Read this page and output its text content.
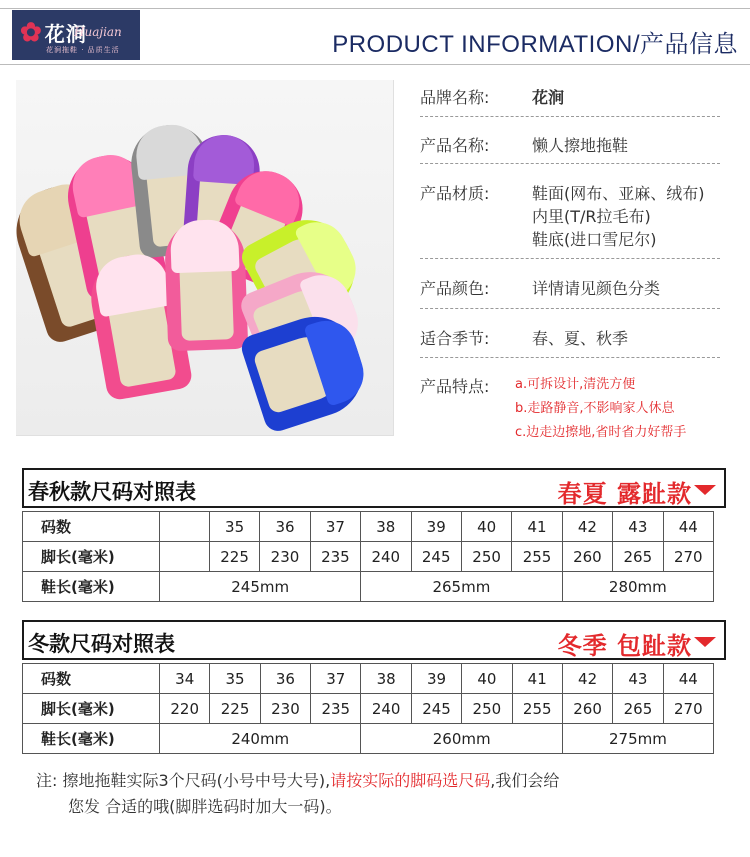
✿ 花涧
Huajian
花涧拖鞋 · 品质生活	PRODUCT INFORMATION/产品信息
品牌名称:	花涧
产品名称:	懒人擦地拖鞋
产品材质:	鞋面(网布、亚麻、绒布)
内里(T/R拉毛布)
鞋底(进口雪尼尔)
产品颜色:	详情请见颜色分类
适合季节:	春、夏、秋季
产品特点:	a.可拆设计,清洗方便
b.走路静音,不影响家人休息
c.边走边擦地,省时省力好帮手
春秋款尺码对照表	春夏 露趾款
码数		35	36	37	38	39	40	41	42	43	44
脚长(毫米)		225	230	235	240	245	250	255	260	265	270
鞋长(毫米)	245mm				265mm				280mm		
冬款尺码对照表	冬季 包趾款
码数	34	35	36	37	38	39	40	41	42	43	44
脚长(毫米)	220	225	230	235	240	245	250	255	260	265	270
鞋长(毫米)	240mm				260mm				275mm		
注: 擦地拖鞋实际3个尺码(小号中号大号),请按实际的脚码选尺码,我们会给
您发 合适的哦(脚胖选码时加大一码)。
